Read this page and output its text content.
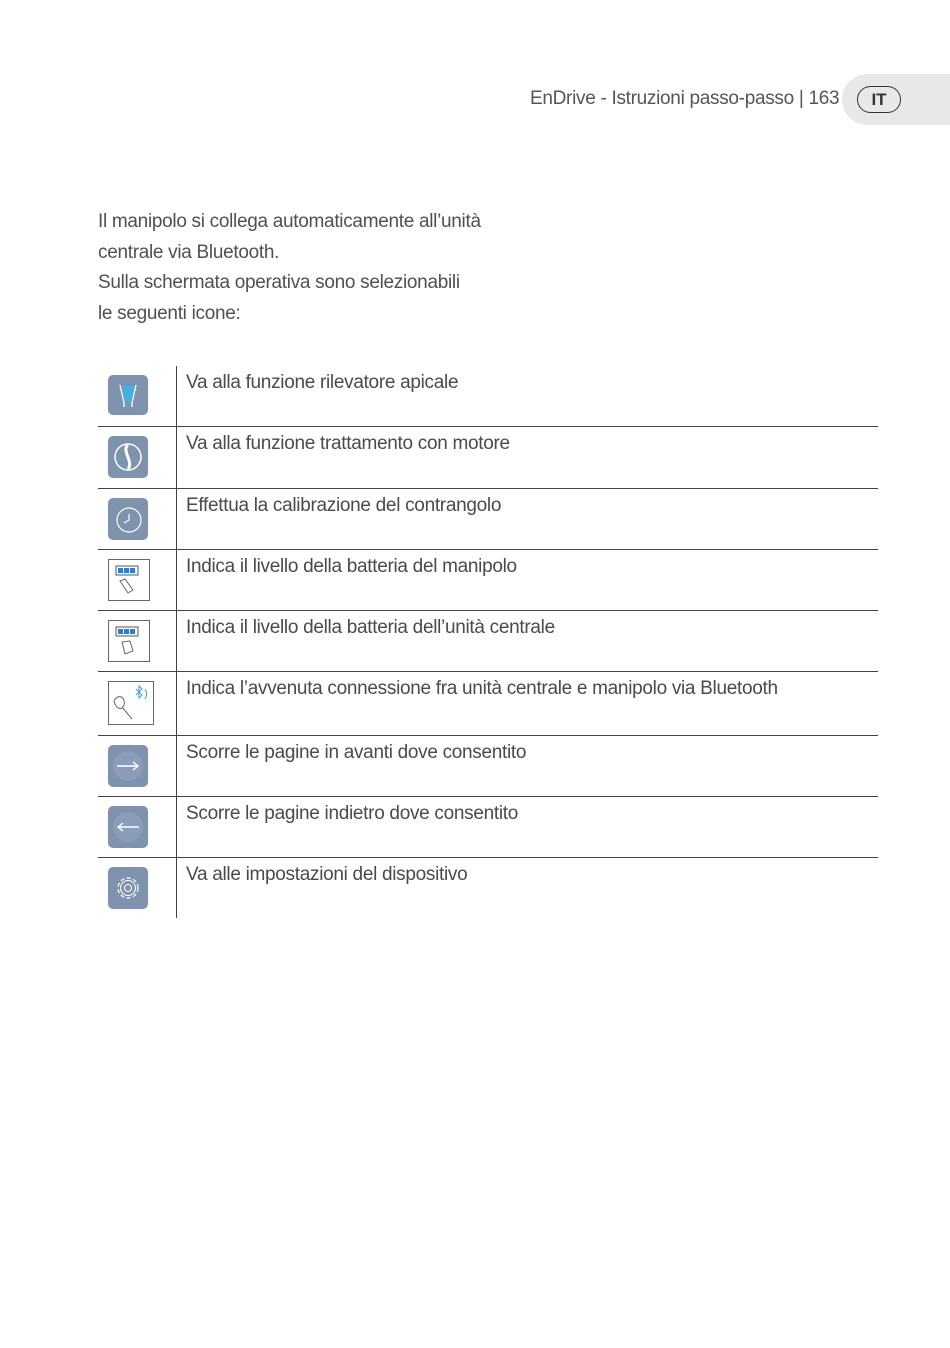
EnDrive - Istruzioni passo-passo | 163	IT
Il manipolo si collega automaticamente all’unità
centrale via Bluetooth.
Sulla schermata operativa sono selezionabili
le seguenti icone:
Va alla funzione rilevatore apicale
Va alla funzione trattamento con motore
Effettua la calibrazione del contrangolo
Indica il livello della batteria del manipolo
Indica il livello della batteria dell’unità centrale
Indica l’avvenuta connessione fra unità centrale e manipolo via Bluetooth
Scorre le pagine in avanti dove consentito
Scorre le pagine indietro dove consentito
Va alle impostazioni del dispositivo
